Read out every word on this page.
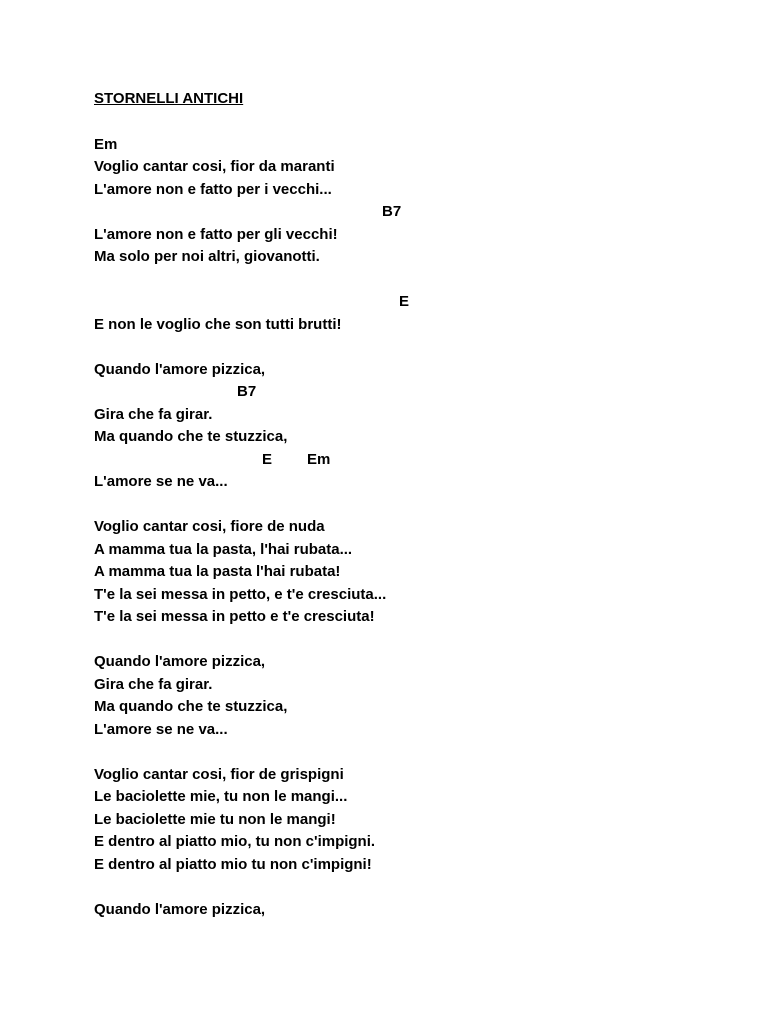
STORNELLI ANTICHI
Em
Voglio cantar cosi, fior da maranti
L'amore non e fatto per i vecchi...
B7
L'amore non e fatto per gli vecchi!
Ma solo per noi altri, giovanotti.
E
E non le voglio che son tutti brutti!
Quando l'amore pizzica,
B7
Gira che fa girar.
Ma quando che te stuzzica,
E Em
L'amore se ne va...
Voglio cantar cosi, fiore de nuda
A mamma tua la pasta, l'hai rubata...
A mamma tua la pasta l'hai rubata!
T'e la sei messa in petto, e t'e cresciuta...
T'e la sei messa in petto e t'e cresciuta!
Quando l'amore pizzica,
Gira che fa girar.
Ma quando che te stuzzica,
L'amore se ne va...
Voglio cantar cosi, fior de grispigni
Le baciolette mie, tu non le mangi...
Le baciolette mie tu non le mangi!
E dentro al piatto mio, tu non c'impigni.
E dentro al piatto mio tu non c'impigni!
Quando l'amore pizzica,
